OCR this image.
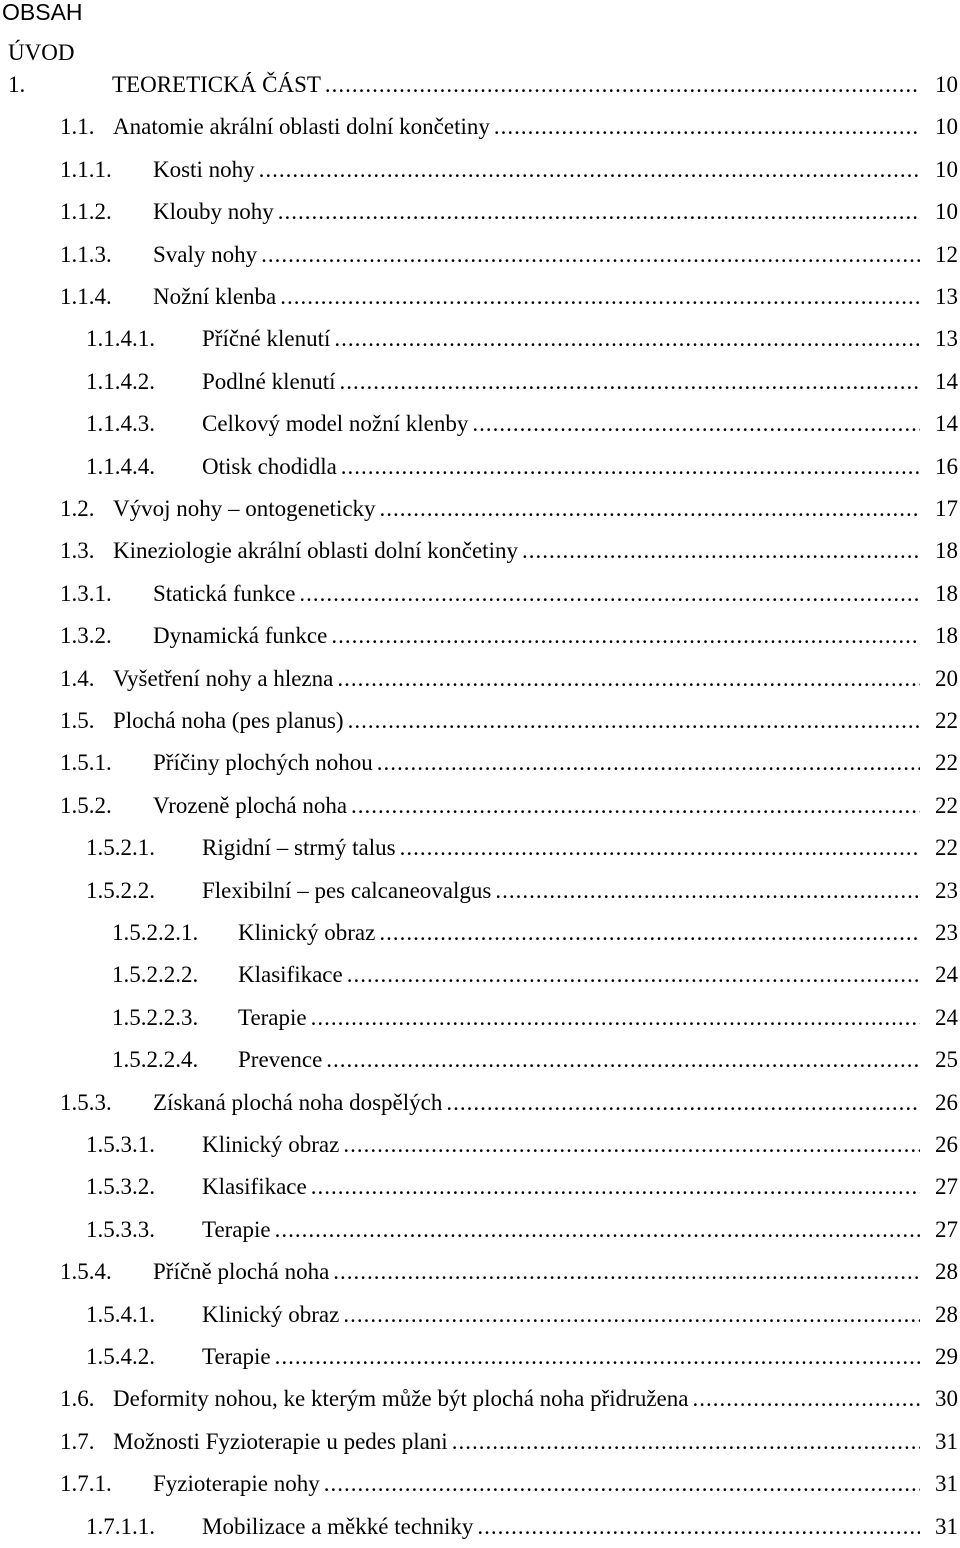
OBSAH
ÚVOD
1.	TEORETICKÁ ČÁST .....	10
1.1. Anatomie akrální oblasti dolní končetiny .....	10
1.1.1.	Kosti nohy .....	10
1.1.2.	Klouby nohy .....	10
1.1.3.	Svaly nohy .....	12
1.1.4.	Nožní klenba .....	13
1.1.4.1.	Příčné klenutí .....	13
1.1.4.2.	Podlné klenutí .....	14
1.1.4.3.	Celkový model nožní klenby .....	14
1.1.4.4.	Otisk chodidla .....	16
1.2. Vývoj nohy – ontogeneticky .....	17
1.3. Kineziologie akrální oblasti dolní končetiny .....	18
1.3.1.	Statická funkce .....	18
1.3.2.	Dynamická funkce .....	18
1.4. Vyšetření nohy a hlezna .....	20
1.5. Plochá noha (pes planus) .....	22
1.5.1.	Příčiny plochých nohou .....	22
1.5.2.	Vrozeně plochá noha .....	22
1.5.2.1.	Rigidní – strmý talus .....	22
1.5.2.2.	Flexibilní – pes calcaneovalgus .....	23
1.5.2.2.1.	Klinický obraz .....	23
1.5.2.2.2.	Klasifikace .....	24
1.5.2.2.3.	Terapie .....	24
1.5.2.2.4.	Prevence .....	25
1.5.3.	Získaná plochá noha dospělých .....	26
1.5.3.1.	Klinický obraz .....	26
1.5.3.2.	Klasifikace .....	27
1.5.3.3.	Terapie .....	27
1.5.4.	Příčně plochá noha .....	28
1.5.4.1.	Klinický obraz .....	28
1.5.4.2.	Terapie .....	29
1.6. Deformity nohou, ke kterým může být plochá noha přidružena .....	30
1.7. Možnosti Fyzioterapie u pedes plani .....	31
1.7.1.	Fyzioterapie nohy .....	31
1.7.1.1.	Mobilizace a měkké techniky .....	31
